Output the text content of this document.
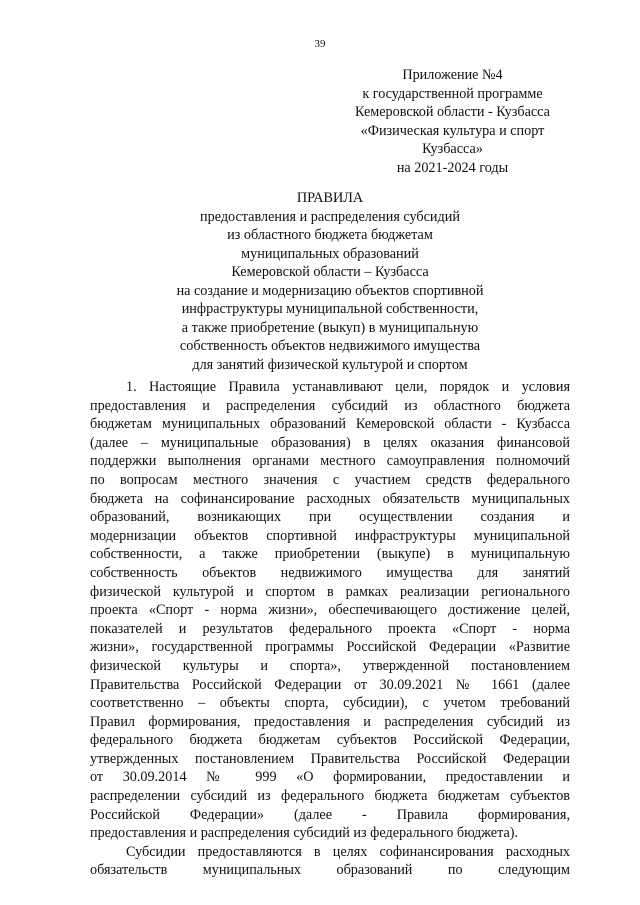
39
Приложение №4
к государственной программе
Кемеровской области - Кузбасса
«Физическая культура и спорт
Кузбасса»
на 2021-2024 годы
ПРАВИЛА
предоставления и распределения субсидий
из областного бюджета бюджетам
муниципальных образований
Кемеровской области – Кузбасса
на создание и модернизацию объектов спортивной
инфраструктуры муниципальной собственности,
а также приобретение (выкуп) в муниципальную
собственность объектов недвижимого имущества
для занятий физической культурой и спортом
1. Настоящие Правила устанавливают цели, порядок и условия
предоставления и распределения субсидий из областного бюджета
бюджетам муниципальных образований Кемеровской области - Кузбасса
(далее – муниципальные образования) в целях оказания финансовой
поддержки выполнения органами местного самоуправления полномочий
по вопросам местного значения с участием средств федерального
бюджета на софинансирование расходных обязательств муниципальных
образований, возникающих при осуществлении создания и
модернизации объектов спортивной инфраструктуры муниципальной
собственности, а также приобретении (выкупе) в муниципальную
собственность объектов недвижимого имущества для занятий
физической культурой и спортом в рамках реализации регионального
проекта «Спорт - норма жизни», обеспечивающего достижение целей,
показателей и результатов федерального проекта «Спорт - норма
жизни», государственной программы Российской Федерации «Развитие
физической культуры и спорта», утвержденной постановлением
Правительства Российской Федерации от 30.09.2021 № 1661 (далее
соответственно – объекты спорта, субсидии), с учетом требований
Правил формирования, предоставления и распределения субсидий из
федерального бюджета бюджетам субъектов Российской Федерации,
утвержденных постановлением Правительства Российской Федерации
от 30.09.2014 № 999 «О формировании, предоставлении и
распределении субсидий из федерального бюджета бюджетам субъектов
Российской Федерации» (далее - Правила формирования,
предоставления и распределения субсидий из федерального бюджета).
Субсидии предоставляются в целях софинансирования расходных
обязательств муниципальных образований по следующим
